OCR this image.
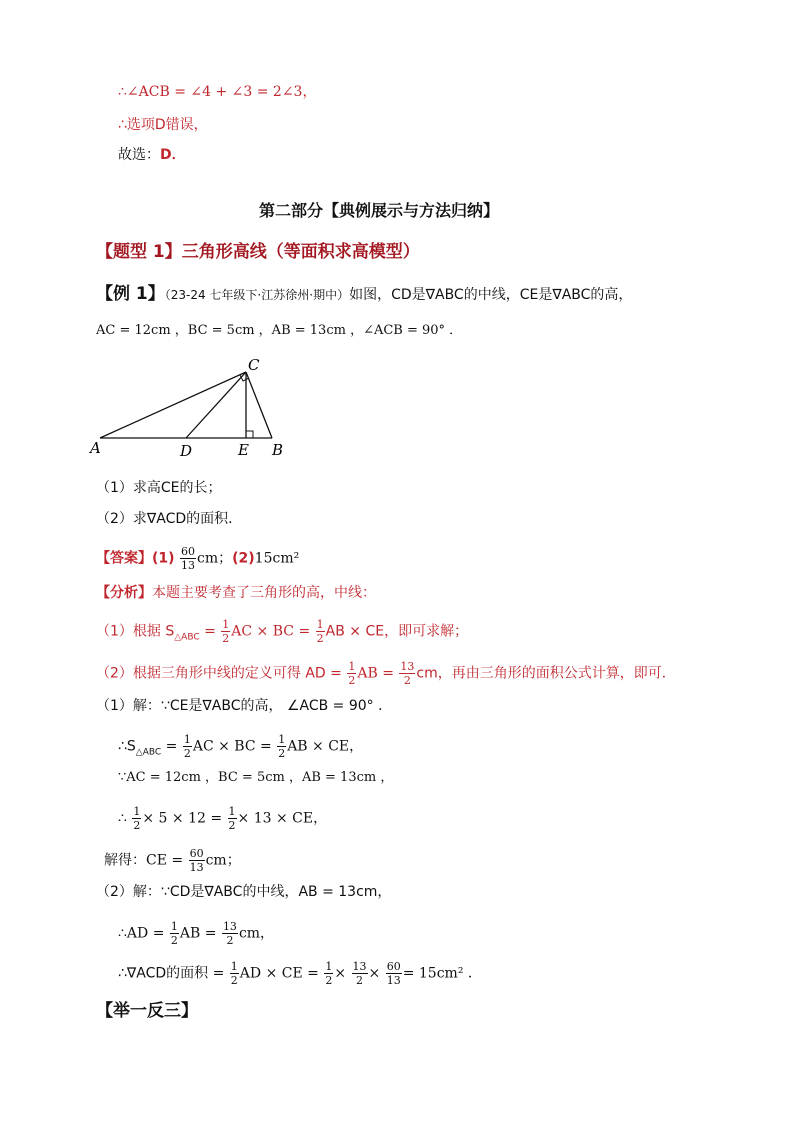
∴∠ACB = ∠4 + ∠3 = 2∠3，
∴选项D错误，
故选：D．
第二部分【典例展示与方法归纳】
【题型 1】三角形高线（等面积求高模型）
【例 1】（23-24 七年级下·江苏徐州·期中）如图，CD是∇ABC的中线，CE是∇ABC的高，
AC = 12cm ，BC = 5cm ，AB = 13cm ，∠ACB = 90° ．
C
A	D	E B
（1）求高CE的长；
（2）求∇ACD的面积．
【答案】$(1) \frac{60}{13}$ cm；(2)15cm²
【分析】本题主要考查了三角形的高，中线：
（1）根据 $S_{\triangle ABC} = \frac{1}{2}$ AC × BC = $\frac{1}{2}$ AB × CE，即可求解；
（2）根据三角形中线的定义可得 AD = $\frac{1}{2}$ AB = $\frac{13}{2}$ cm，再由三角形的面积公式计算，即可．
（1）解：∵CE是∇ABC的高， ∠ACB = 90° ．
$\therefore S_{\triangle ABC} = \frac{1}{2}$ AC × BC = $\frac{1}{2}$ AB × CE，
∵AC = 12cm ，BC = 5cm ，AB = 13cm ，
∴ $\frac{1}{2} \times 5 \times 12 = \frac{1}{2} \times 13$ × CE，
解得：CE = $\frac{60}{13}$ cm；
（2）解：∵CD是∇ABC的中线，AB = 13cm，
∴AD = $\frac{1}{2}$ AB = $\frac{13}{2}$ cm，
∴∇ACD的面积 = $\frac{1}{2}$ AD × CE = $\frac{1}{2} \times \frac{13}{2} \times \frac{60}{13} = 15cm^2$ ．
【举一反三】
